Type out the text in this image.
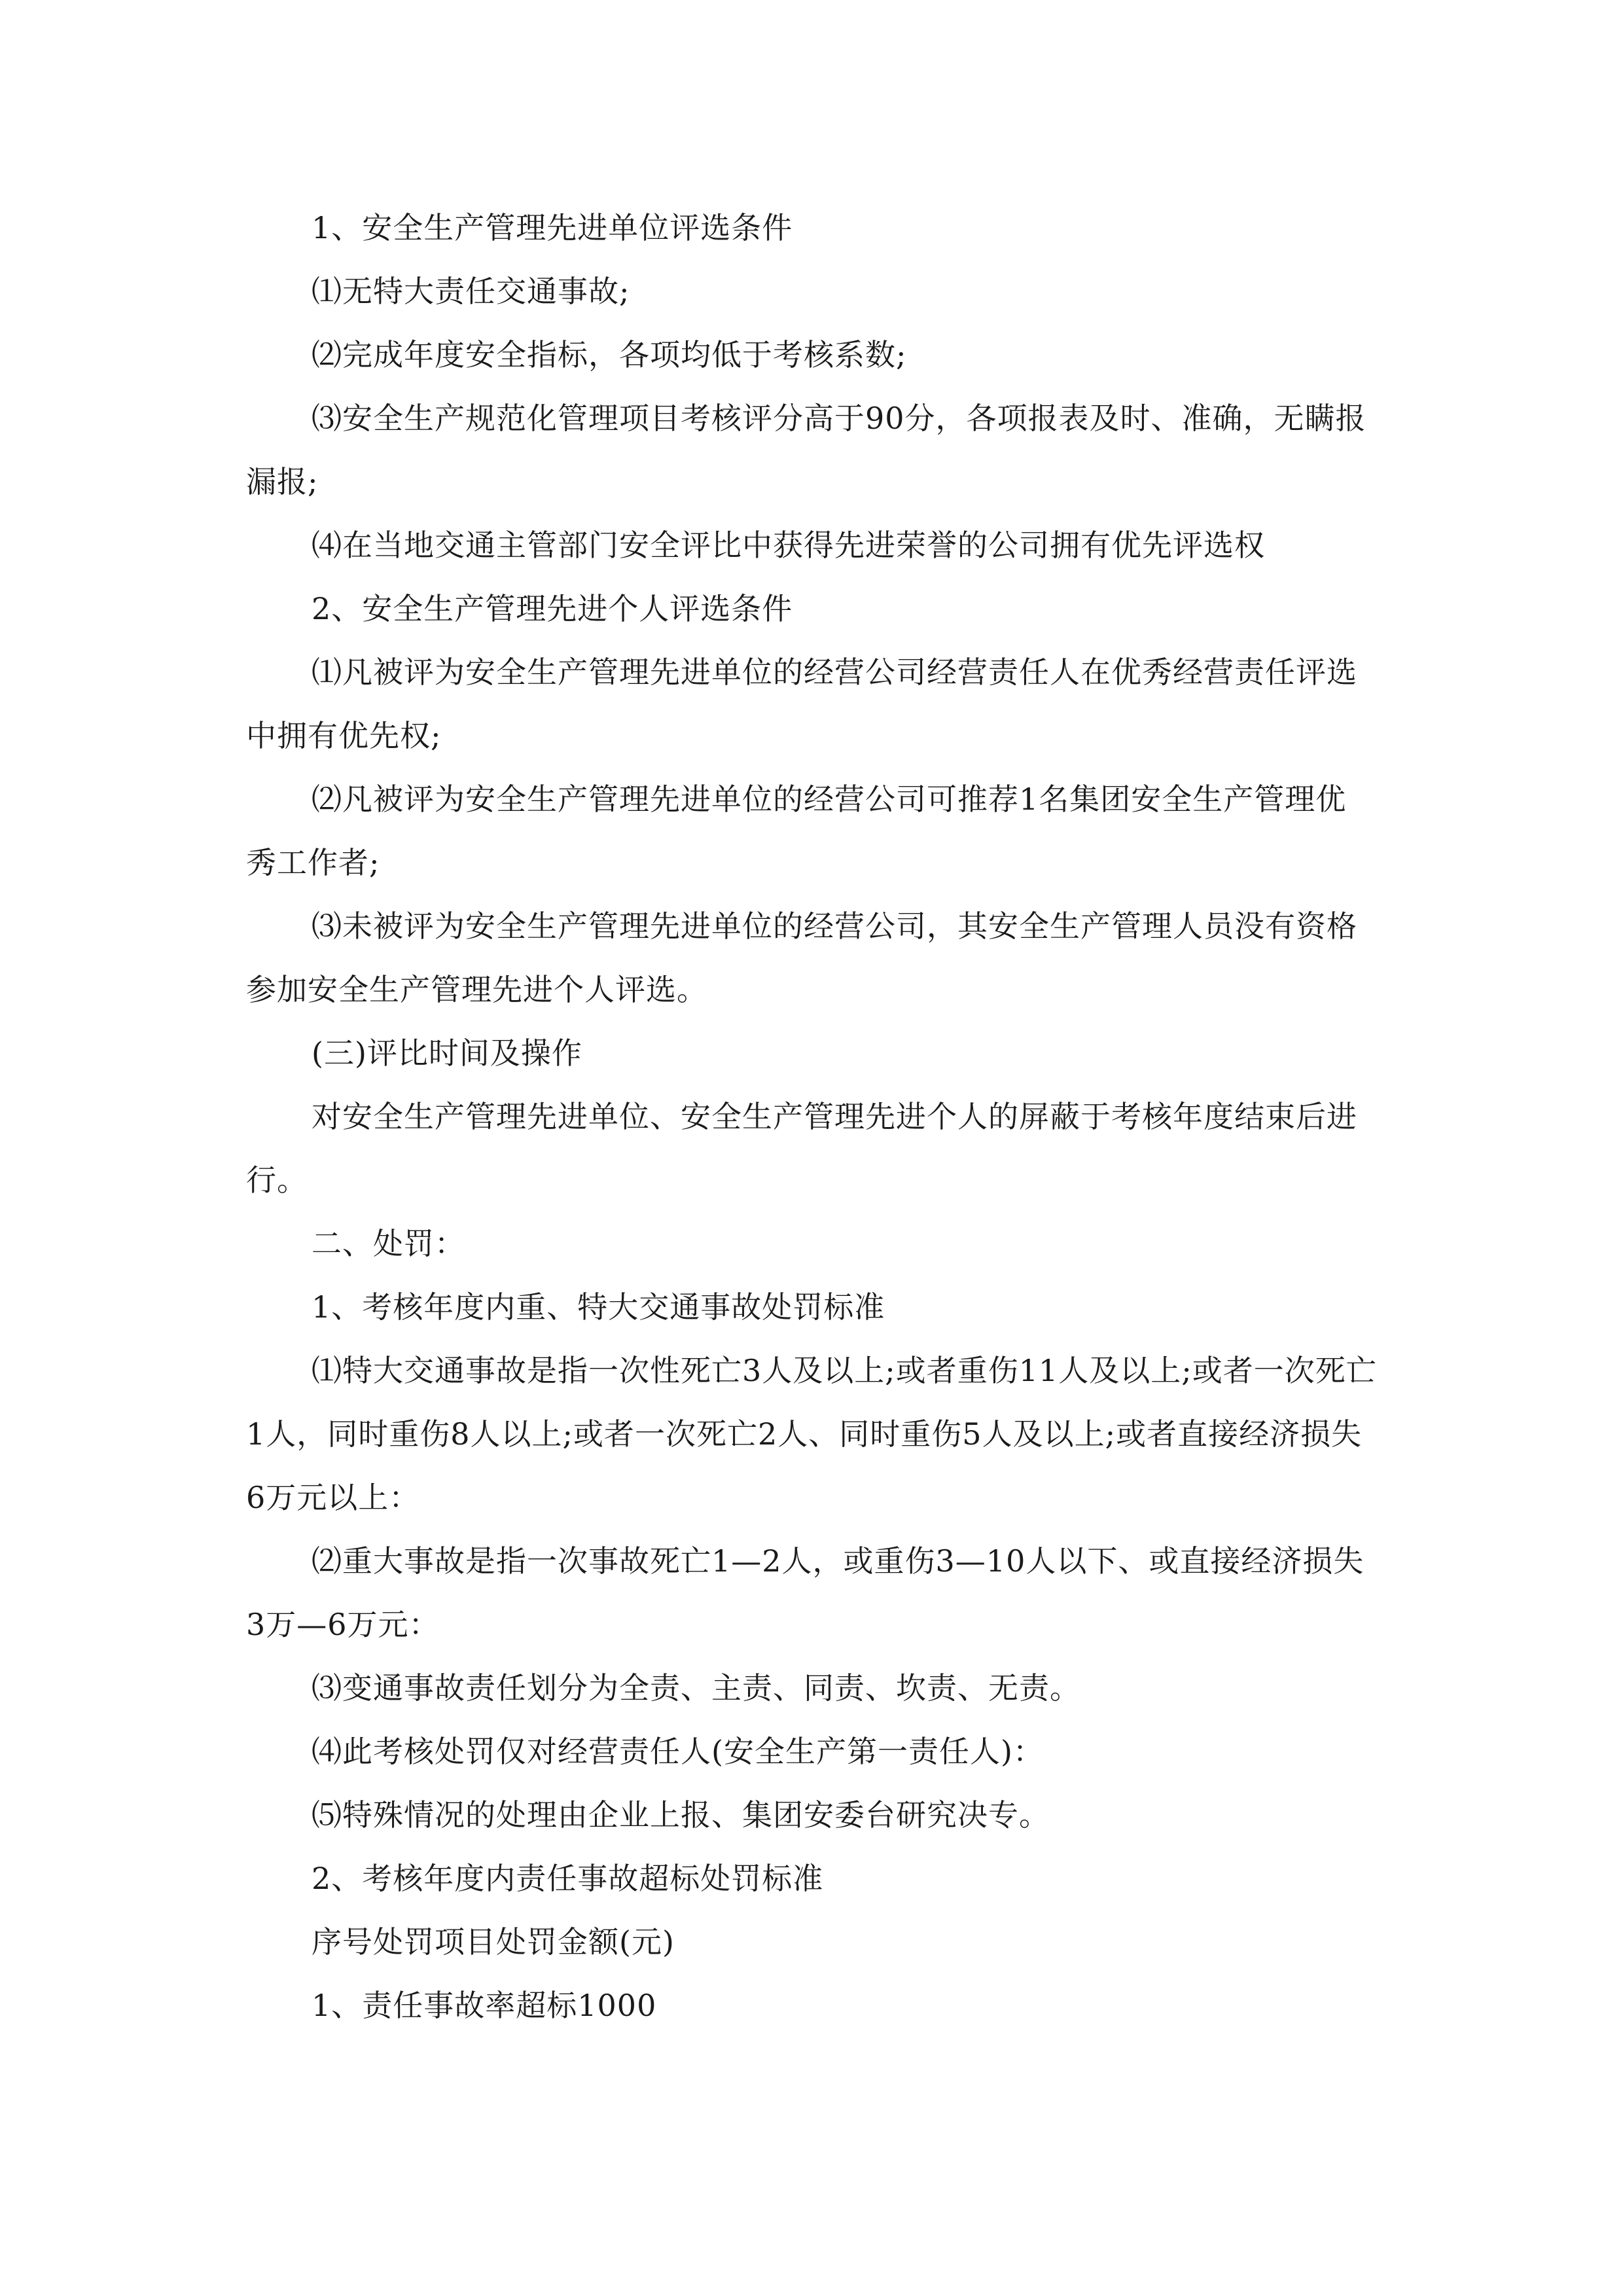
1、安全生产管理先进单位评选条件

⑴无特大责任交通事故;

⑵完成年度安全指标，各项均低于考核系数;

⑶安全生产规范化管理项目考核评分高于90分，各项报表及时、准确，无瞒报漏报;

⑷在当地交通主管部门安全评比中获得先进荣誉的公司拥有优先评选权

2、安全生产管理先进个人评选条件

⑴凡被评为安全生产管理先进单位的经营公司经营责任人在优秀经营责任评选中拥有优先权;

⑵凡被评为安全生产管理先进单位的经营公司可推荐1名集团安全生产管理优秀工作者;

⑶未被评为安全生产管理先进单位的经营公司，其安全生产管理人员没有资格参加安全生产管理先进个人评选。

(三)评比时间及操作

对安全生产管理先进单位、安全生产管理先进个人的屏蔽于考核年度结束后进行。

二、处罚：

1、考核年度内重、特大交通事故处罚标准

⑴特大交通事故是指一次性死亡3人及以上;或者重伤11人及以上;或者一次死亡1人，同时重伤8人以上;或者一次死亡2人、同时重伤5人及以上;或者直接经济损失6万元以上：

⑵重大事故是指一次事故死亡1—2人，或重伤3—10人以下、或直接经济损失3万—6万元：

⑶变通事故责任划分为全责、主责、同责、坎责、无责。

⑷此考核处罚仅对经营责任人(安全生产第一责任人)：

⑸特殊情况的处理由企业上报、集团安委台研究决专。

2、考核年度内责任事故超标处罚标准

序号处罚项目处罚金额(元)

1、责任事故率超标1000
